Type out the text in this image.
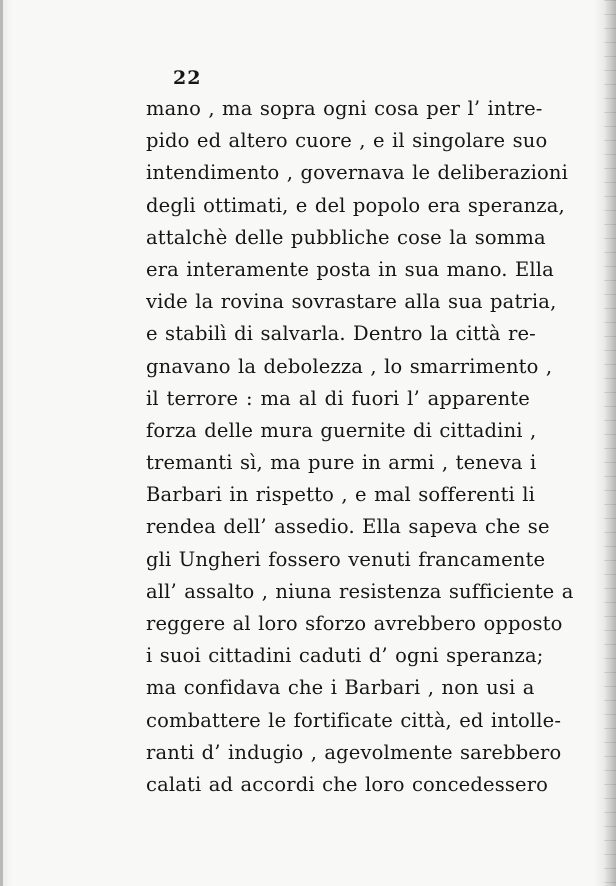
22
mano , ma sopra ogni cosa per l’ intre-
pido ed altero cuore , e il singolare suo
intendimento , governava le deliberazioni
degli ottimati, e del popolo era speranza,
attalchè delle pubbliche cose la somma
era interamente posta in sua mano. Ella
vide la rovina sovrastare alla sua patria,
e stabilì di salvarla. Dentro la città re-
gnavano la debolezza , lo smarrimento ,
il terrore : ma al di fuori l’ apparente
forza delle mura guernite di cittadini ,
tremanti sì, ma pure in armi , teneva i
Barbari in rispetto , e mal sofferenti li
rendea dell’ assedio. Ella sapeva che se
gli Ungheri fossero venuti francamente
all’ assalto , niuna resistenza sufficiente a
reggere al loro sforzo avrebbero opposto
i suoi cittadini caduti d’ ogni speranza;
ma confidava che i Barbari , non usi a
combattere le fortificate città, ed intolle-
ranti d’ indugio , agevolmente sarebbero
calati ad accordi che loro concedessero
